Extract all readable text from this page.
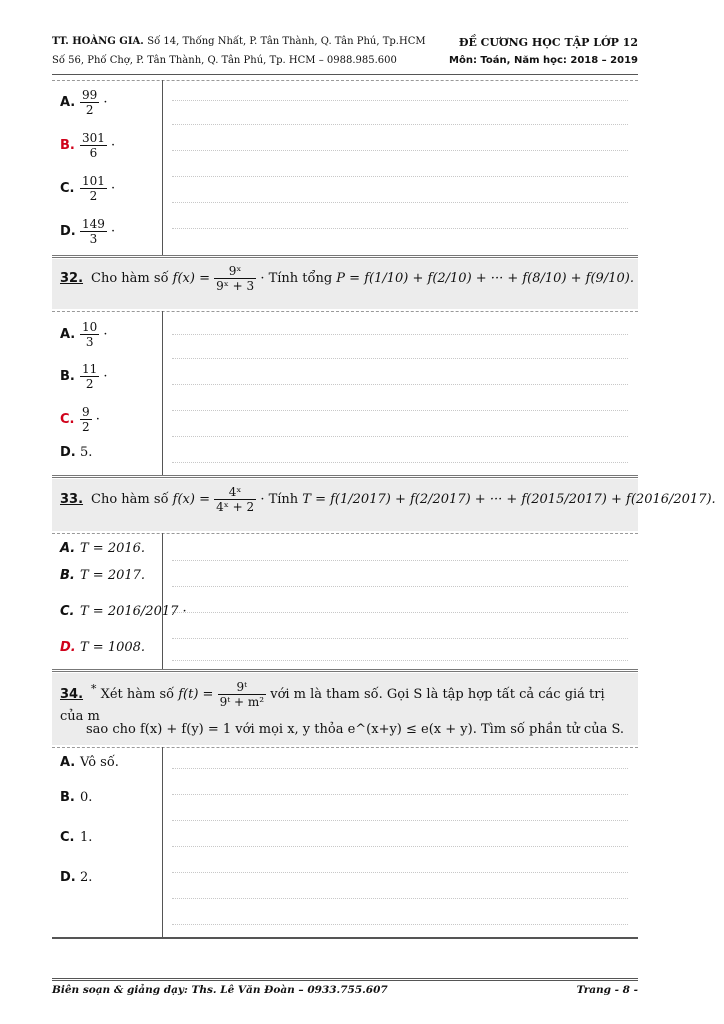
TT. HOÀNG GIA. Số 14, Thống Nhất, P. Tân Thành, Q. Tân Phú, Tp.HCM
Số 56, Phố Chợ, P. Tân Thành, Q. Tân Phú, Tp. HCM – 0988.985.600
ĐỀ CƯƠNG HỌC TẬP LỚP 12
Môn: Toán, Năm học: 2018 – 2019
A. $\frac{99}{2}$ ·
B. $\frac{301}{6}$ ·
C. $\frac{101}{2}$ ·
D. $\frac{149}{3}$ ·
32. Cho hàm số $f(x) = \frac{\text{9ˣ}}{\text{9ˣ + 3}}$ · Tính tổng P = f(1/10) + f(2/10) + ··· + f(8/10) + f(9/10).
A. $\frac{10}{3}$ ·
B. $\frac{11}{2}$ ·
C. $\frac{9}{2}$ ·
D. 5.
33. Cho hàm số $f(x) = \frac{\text{4ˣ}}{\text{4ˣ + 2}}$ · Tính T = f(1/2017) + f(2/2017) + ··· + f(2015/2017) + f(2016/2017).
A. T = 2016.
B. T = 2017.
C. T = 2016/2017 ·
D. T = 1008.
34. * Xét hàm số $f(t) = \frac{\text{9ᵗ}}{\text{9ᵗ + m²}}$ với m là tham số. Gọi S là tập hợp tất cả các giá trị của m
sao cho f(x) + f(y) = 1 với mọi x, y thỏa e^(x+y) ≤ e(x + y). Tìm số phần tử của S.
A. Vô số.
B. 0.
C. 1.
D. 2.
Biên soạn & giảng dạy: Ths. Lê Văn Đoàn – 0933.755.607	Trang - 8 -
